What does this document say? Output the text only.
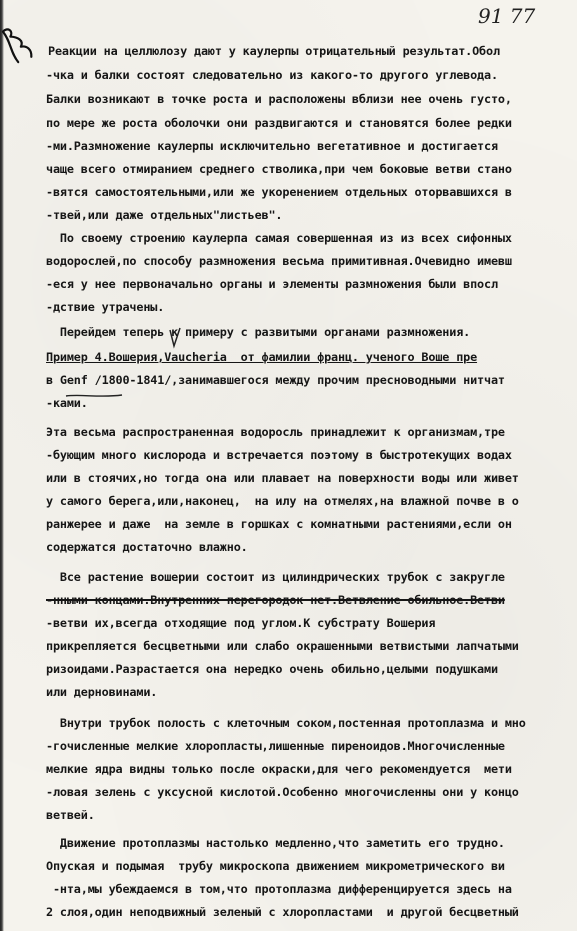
91 77
Реакции на целлюлозу дают у каулерпы отрицательный результат.Обол
-чка и балки состоят следовательно из какого-то другого углевода.
Балки возникают в точке роста и расположены вблизи нее очень густо,
по мере же роста оболочки они раздвигаются и становятся более редки
-ми.Размножение каулерпы исключительно вегетативное и достигается
чаще всего отмиранием среднего стволика,при чем боковые ветви стано
-вятся самостоятельными,или же укоренением отдельных оторвавшихся в
-твей,или даже отдельных"листьев".
По своему строению каулерпа самая совершенная из из всех сифонных
водорослей,по способу размножения весьма примитивная.Очевидно имевш
-еся у нее первоначально органы и элементы размножения были впосл
-дствие утрачены.
Перейдем теперь к примеру с развитыми органами размножения.
Пример 4.Вошерия,Vaucheria  от фамилии франц. ученого Воше пре
в Genf /1800-1841/,занимавшегося между прочим пресноводными нитчат
-ками.
Эта весьма распространенная водоросль принадлежит к организмам,тре
-бующим много кислорода и встречается поэтому в быстротекущих водах
или в стоячих,но тогда она или плавает на поверхности воды или живет
у самого берега,или,наконец,  на илу на отмелях,на влажной почве в о
ранжерее и даже  на земле в горшках с комнатными растениями,если он
содержатся достаточно влажно.
Все растение вошерии состоит из цилиндрических трубок с закругле
-нными концами.Внутренних перегородок нет.Ветвление обильное.Ветви
-ветви их,всегда отходящие под углом.К субстрату Вошерия
прикрепляется бесцветными или слабо окрашенными ветвистыми лапчатыми
ризоидами.Разрастается она нередко очень обильно,целыми подушками
или дерновинами.
Внутри трубок полость с клеточным соком,постенная протоплазма и мно
-гочисленные мелкие хлоропласты,лишенные пиреноидов.Многочисленные
мелкие ядра видны только после окраски,для чего рекомендуется  мети
-ловая зелень с уксусной кислотой.Особенно многочисленны они у концо
ветвей.
Движение протоплазмы настолько медленно,что заметить его трудно.
Опуская и подымая  трубу микроскопа движением микрометрического ви
-нта,мы убеждаемся в том,что протоплазма дифференцируется здесь на
2 слоя,один неподвижный зеленый с хлоропластами  и другой бесцветный
